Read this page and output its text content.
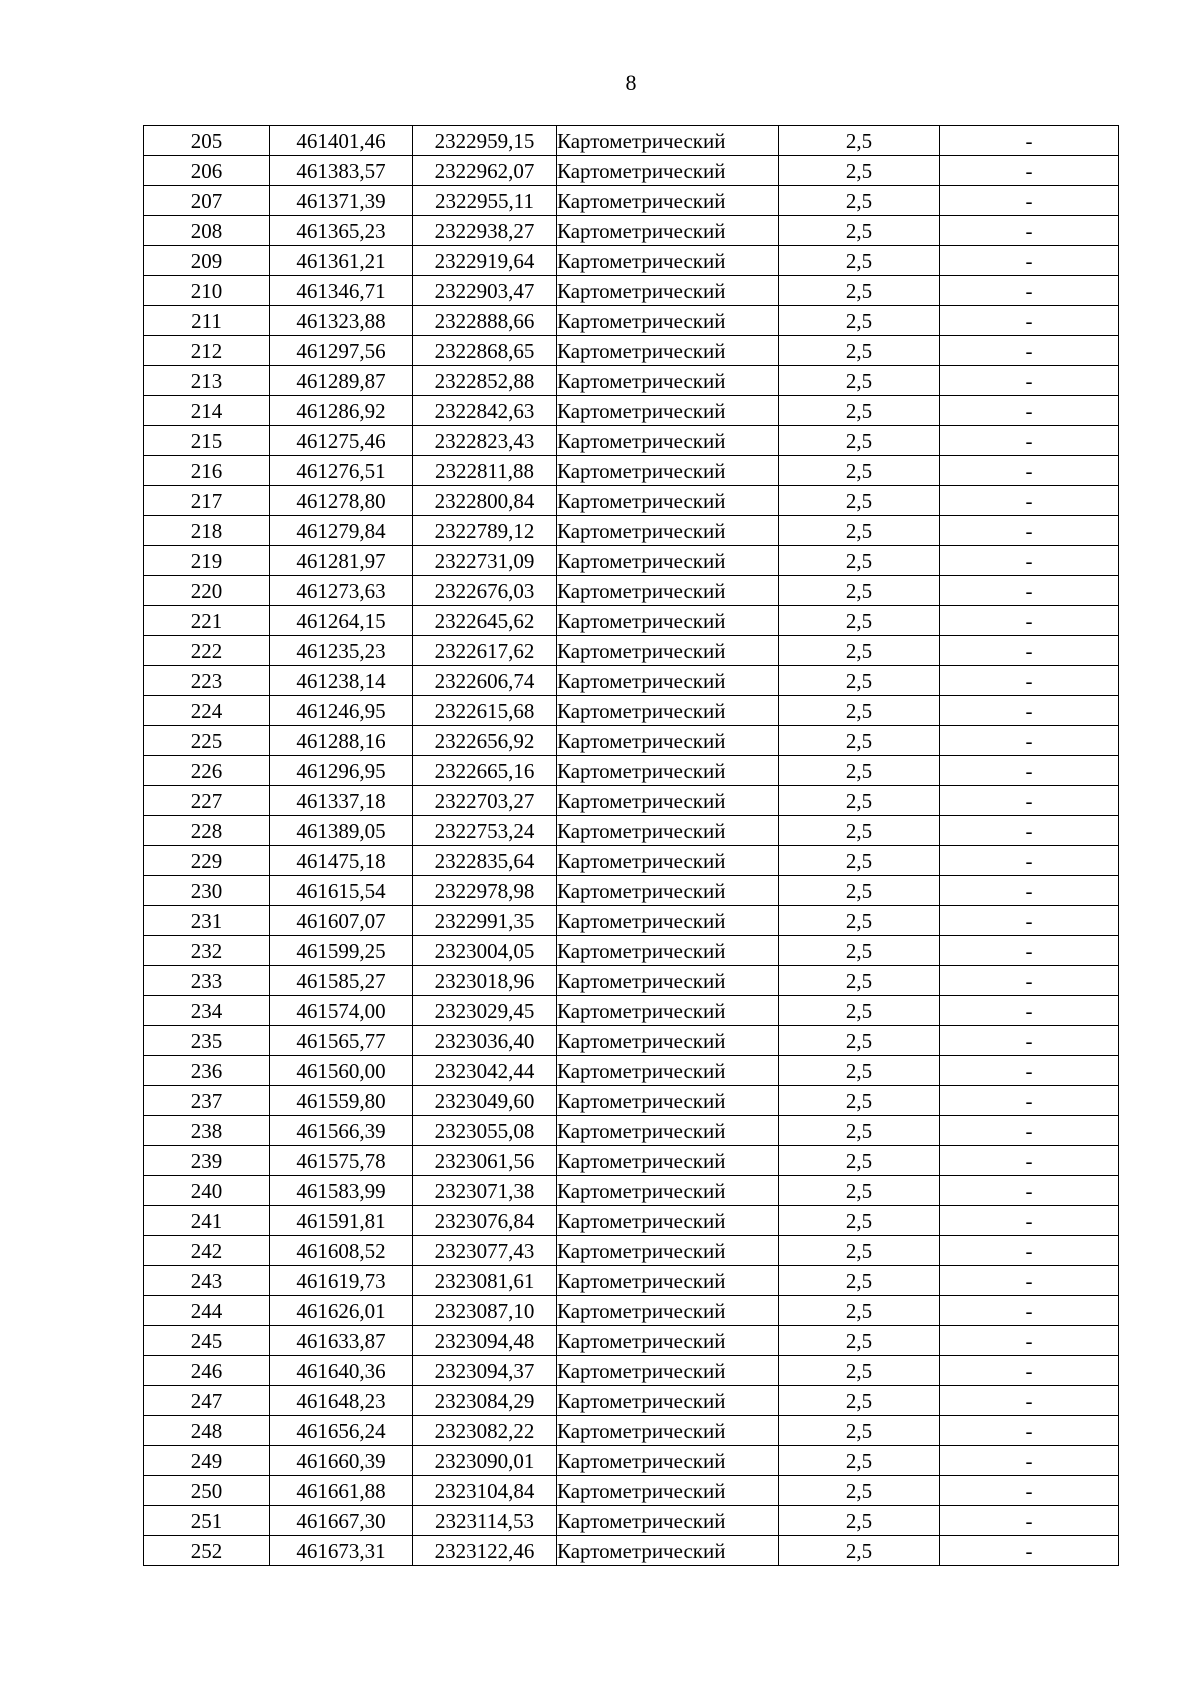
8
205	461401,46	2322959,15	Картометрический	2,5	-
206	461383,57	2322962,07	Картометрический	2,5	-
207	461371,39	2322955,11	Картометрический	2,5	-
208	461365,23	2322938,27	Картометрический	2,5	-
209	461361,21	2322919,64	Картометрический	2,5	-
210	461346,71	2322903,47	Картометрический	2,5	-
211	461323,88	2322888,66	Картометрический	2,5	-
212	461297,56	2322868,65	Картометрический	2,5	-
213	461289,87	2322852,88	Картометрический	2,5	-
214	461286,92	2322842,63	Картометрический	2,5	-
215	461275,46	2322823,43	Картометрический	2,5	-
216	461276,51	2322811,88	Картометрический	2,5	-
217	461278,80	2322800,84	Картометрический	2,5	-
218	461279,84	2322789,12	Картометрический	2,5	-
219	461281,97	2322731,09	Картометрический	2,5	-
220	461273,63	2322676,03	Картометрический	2,5	-
221	461264,15	2322645,62	Картометрический	2,5	-
222	461235,23	2322617,62	Картометрический	2,5	-
223	461238,14	2322606,74	Картометрический	2,5	-
224	461246,95	2322615,68	Картометрический	2,5	-
225	461288,16	2322656,92	Картометрический	2,5	-
226	461296,95	2322665,16	Картометрический	2,5	-
227	461337,18	2322703,27	Картометрический	2,5	-
228	461389,05	2322753,24	Картометрический	2,5	-
229	461475,18	2322835,64	Картометрический	2,5	-
230	461615,54	2322978,98	Картометрический	2,5	-
231	461607,07	2322991,35	Картометрический	2,5	-
232	461599,25	2323004,05	Картометрический	2,5	-
233	461585,27	2323018,96	Картометрический	2,5	-
234	461574,00	2323029,45	Картометрический	2,5	-
235	461565,77	2323036,40	Картометрический	2,5	-
236	461560,00	2323042,44	Картометрический	2,5	-
237	461559,80	2323049,60	Картометрический	2,5	-
238	461566,39	2323055,08	Картометрический	2,5	-
239	461575,78	2323061,56	Картометрический	2,5	-
240	461583,99	2323071,38	Картометрический	2,5	-
241	461591,81	2323076,84	Картометрический	2,5	-
242	461608,52	2323077,43	Картометрический	2,5	-
243	461619,73	2323081,61	Картометрический	2,5	-
244	461626,01	2323087,10	Картометрический	2,5	-
245	461633,87	2323094,48	Картометрический	2,5	-
246	461640,36	2323094,37	Картометрический	2,5	-
247	461648,23	2323084,29	Картометрический	2,5	-
248	461656,24	2323082,22	Картометрический	2,5	-
249	461660,39	2323090,01	Картометрический	2,5	-
250	461661,88	2323104,84	Картометрический	2,5	-
251	461667,30	2323114,53	Картометрический	2,5	-
252	461673,31	2323122,46	Картометрический	2,5	-
